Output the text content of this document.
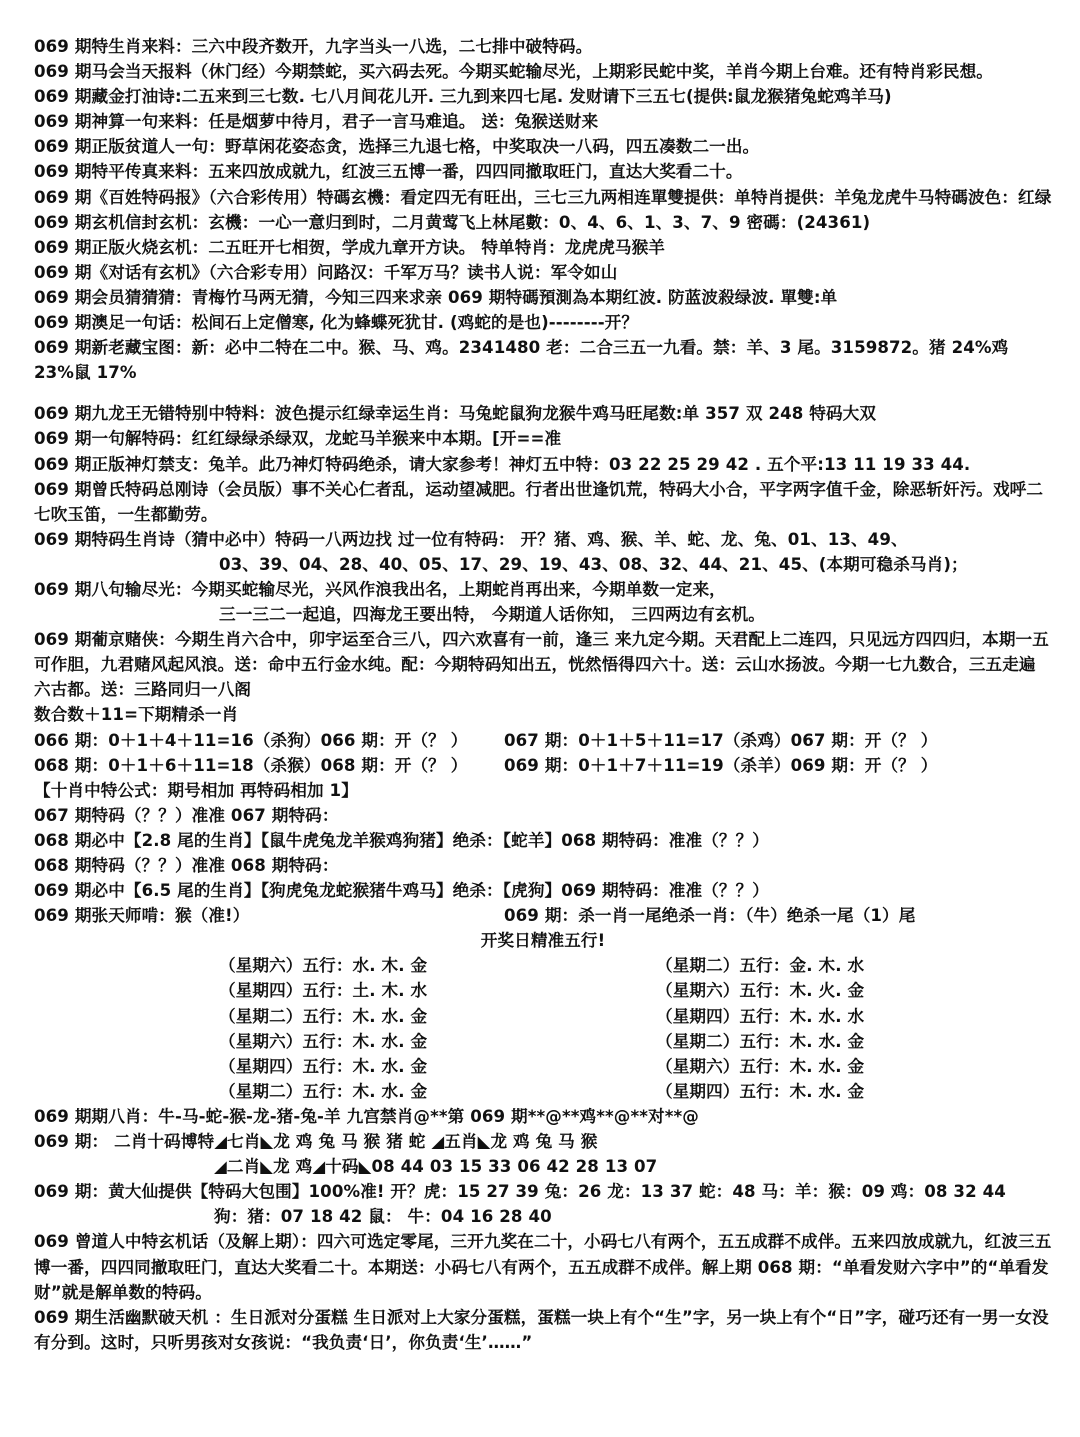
069 期特生肖来料：三六中段齐数开，九字当头一八选，二七排中破特码。
069 期马会当天报料（休门经）今期禁蛇，买六码去死。今期买蛇输尽光，上期彩民蛇中奖，羊肖今期上台难。还有特肖彩民想。
069 期藏金打油诗:二五来到三七数. 七八月间花儿开. 三九到来四七尾. 发财请下三五七(提供:鼠龙猴猪兔蛇鸡羊马)
069 期神算一句来料：任是烟萝中待月，君子一言马难追。 送：兔猴送财来
069 期正版贫道人一句：野草闲花姿态贪，选择三九退七格，中奖取决一八码，四五凑数二一出。
069 期特平传真来料：五来四放成就九，红波三五博一番，四四同撤取旺门，直达大奖看二十。
069 期《百姓特码报》（六合彩传用）特碼玄機：看定四无有旺出，三七三九两相连單雙提供：单特肖提供：羊兔龙虎牛马特碼波色：红绿
069 期玄机信封玄机：玄機：一心一意归到时，二月黄莺飞上林尾數：0、4、6、1、3、7、9 密碼：(24361)
069 期正版火烧玄机：二五旺开七相贺，学成九章开方诀。 特单特肖：龙虎虎马猴羊
069 期《对话有玄机》（六合彩专用）问路汉：千军万马？读书人说：军令如山
069 期会员猜猜猜：青梅竹马两无猜，今知三四来求亲 069 期特碼預測為本期红波. 防蓝波殺绿波. 單雙:单
069 期澳足一句话：松间石上定僧寒, 化为蜂蝶死犹甘. (鸡蛇的是也)--------开？
069 期新老藏宝图：新：必中二特在二中。猴、马、鸡。2341480 老：二合三五一九看。禁：羊、3 尾。3159872。猪 24%鸡 23%鼠 17%

069 期九龙王无错特别中特料：波色提示红绿幸运生肖：马兔蛇鼠狗龙猴牛鸡马旺尾数:单 357 双 248 特码大双
069 期一句解特码：红红绿绿杀绿双，龙蛇马羊猴来中本期。[开==准
069 期正版神灯禁支：兔羊。此乃神灯特码绝杀，请大家参考！神灯五中特：03 22 25 29 42 . 五个平:13 11 19 33 44.
069 期曾氏特码总刚诗（会员版）事不关心仁者乱，运动望减肥。行者出世逢饥荒，特码大小合，平字两字值千金，除恶斩奸污。戏呼二七吹玉笛，一生都勤劳。
069 期特码生肖诗（猜中必中）特码一八两边找 过一位有特码： 开？猪、鸡、猴、羊、蛇、龙、兔、01、13、49、
03、39、04、28、40、05、17、29、19、43、08、32、44、21、45、(本期可稳杀马肖)；
069 期八句输尽光：今期买蛇输尽光，兴风作浪我出名，上期蛇肖再出来，今期单数一定来，
三一三二一起追，四海龙王要出特， 今期道人话你知， 三四两边有玄机。
069 期葡京赌侠：今期生肖六合中，卯宇运至合三八，四六欢喜有一前，逢三 来九定今期。天君配上二连四，只见远方四四归，本期一五可作胆，九君赌风起风浪。送：命中五行金水纯。配：今期特码知出五，恍然悟得四六十。送：云山水扬波。今期一七九数合，三五走遍六古都。送：三路同归一八阁
数合数＋11=下期精杀一肖
066 期：0＋1＋4＋11=16（杀狗）066 期：开（？ ）	067 期：0＋1＋5＋11=17（杀鸡）067 期：开（？ ）
068 期：0＋1＋6＋11=18（杀猴）068 期：开（？ ）	069 期：0＋1＋7＋11=19（杀羊）069 期：开（？ ）
【十肖中特公式：期号相加 再特码相加 1】
067 期特码（？？）准准 067 期特码：
068 期必中【2.8 尾的生肖】【鼠牛虎兔龙羊猴鸡狗猪】绝杀：【蛇羊】068 期特码：准准（？？）
068 期特码（？？）准准 068 期特码：
069 期必中【6.5 尾的生肖】【狗虎兔龙蛇猴猪牛鸡马】绝杀：【虎狗】069 期特码：准准（？？）
069 期张天师啃：猴（准!）	069 期：杀一肖一尾绝杀一肖：（牛）绝杀一尾（1）尾
开奖日精准五行!
（星期六）五行：水. 木. 金	（星期二）五行：金. 木. 水
（星期四）五行：土. 木. 水	（星期六）五行：木. 火. 金
（星期二）五行：木. 水. 金	（星期四）五行：木. 水. 水
（星期六）五行：木. 水. 金	（星期二）五行：木. 水. 金
（星期四）五行：木. 水. 金	（星期六）五行：木. 水. 金
（星期二）五行：木. 水. 金	（星期四）五行：木. 水. 金
069 期期八肖：牛-马-蛇-猴-龙-猪-兔-羊 九宫禁肖@**第 069 期**@**鸡**@**对**@
069 期： 二肖十码博特◢七肖◣龙 鸡 兔 马 猴 猪 蛇 ◢五肖◣龙 鸡 兔 马 猴
◢二肖◣龙 鸡◢十码◣08 44 03 15 33 06 42 28 13 07
069 期：黄大仙提供【特码大包围】100%准! 开？虎：15 27 39 兔：26 龙：13 37 蛇：48 马：羊：猴：09 鸡：08 32 44
狗：猪：07 18 42 鼠： 牛：04 16 28 40
069 曾道人中特玄机话（及解上期）：四六可选定零尾，三开九奖在二十，小码七八有两个，五五成群不成伴。五来四放成就九，红波三五博一番，四四同撤取旺门，直达大奖看二十。本期送：小码七八有两个，五五成群不成伴。解上期 068 期：“单看发财六字中”的“单看发财”就是解单数的特码。
069 期生活幽默破天机 ：生日派对分蛋糕 生日派对上大家分蛋糕，蛋糕一块上有个“生”字，另一块上有个“日”字，碰巧还有一男一女没有分到。这时，只听男孩对女孩说：“我负责‘日’，你负责‘生’……”
